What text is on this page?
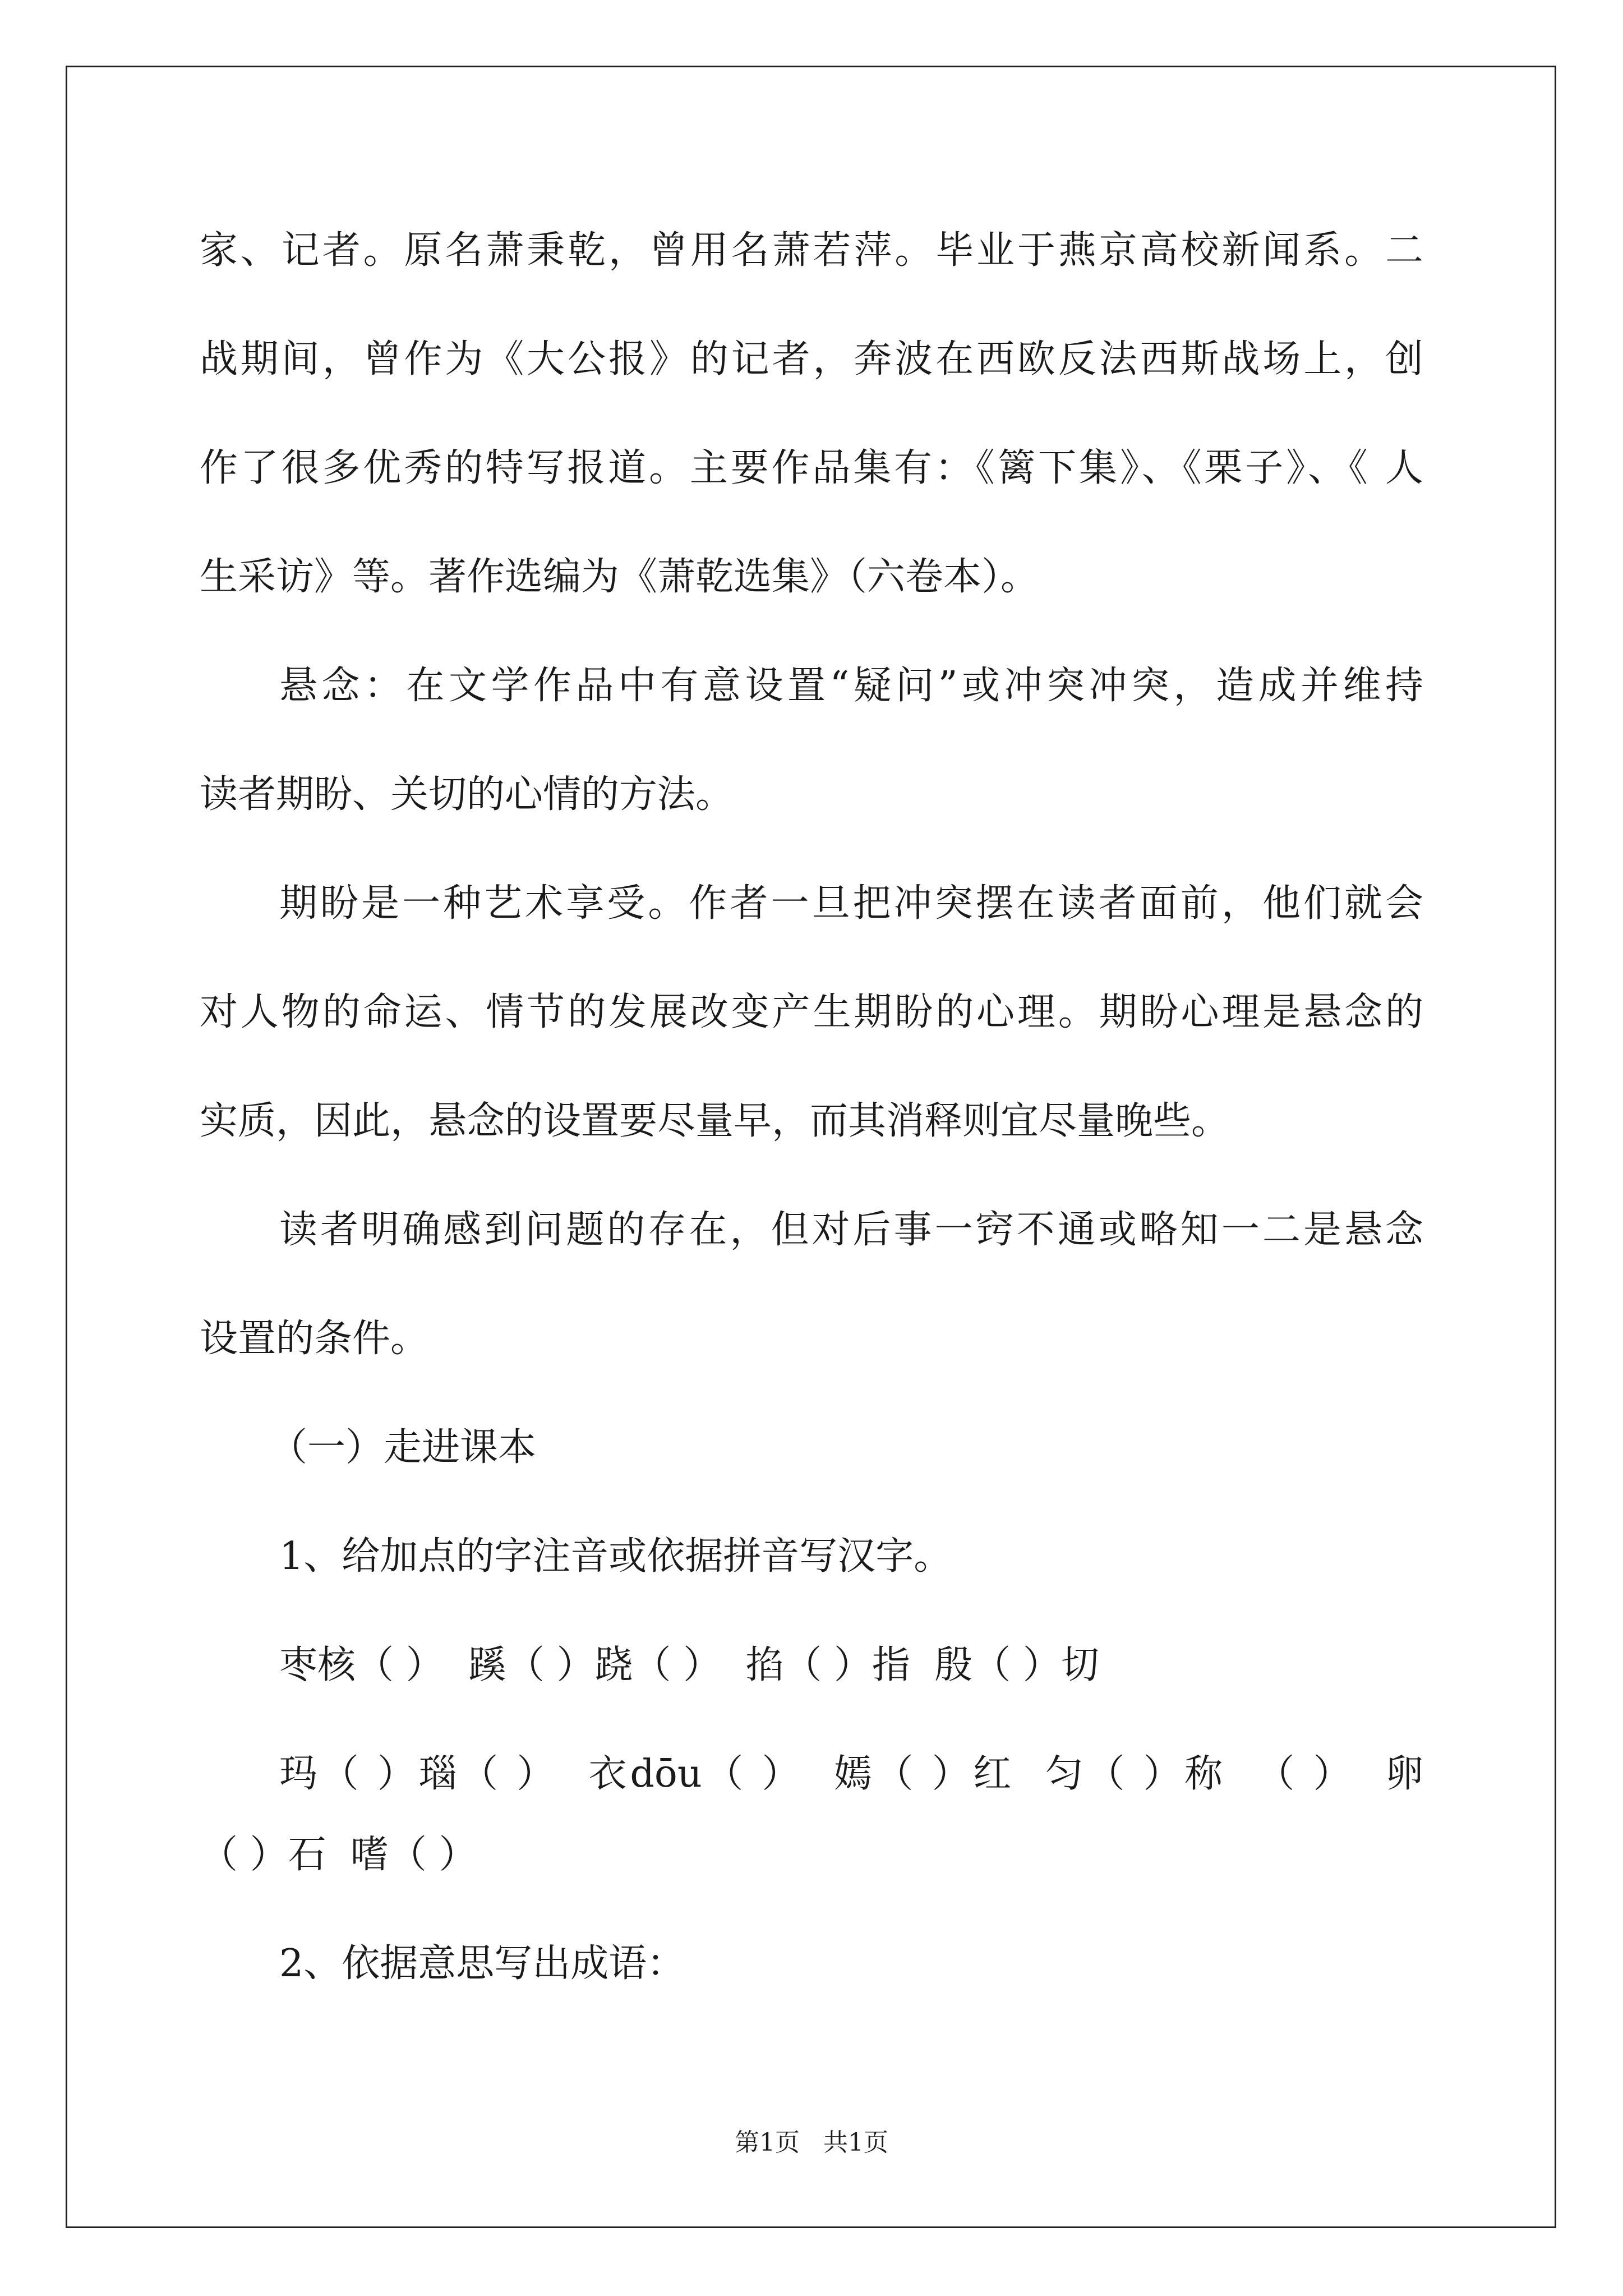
家、记者。原名萧秉乾，曾用名萧若萍。毕业于燕京高校新闻系。二
战期间，曾作为《大公报》的记者，奔波在西欧反法西斯战场上，创
作了很多优秀的特写报道。主要作品集有：《篱下集》、《栗子》、《 人
生采访》等。著作选编为《萧乾选集》（六卷本）。
悬念：在文学作品中有意设置“疑问”或冲突冲突，造成并维持
读者期盼、关切的心情的方法。
期盼是一种艺术享受。作者一旦把冲突摆在读者面前，他们就会
对人物的命运、情节的发展改变产生期盼的心理。期盼心理是悬念的
实质，因此，悬念的设置要尽量早，而其消释则宜尽量晚些。
读者明确感到问题的存在，但对后事一窍不通或略知一二是悬念
设置的条件。
（一）走进课本
1、给加点的字注音或依据拼音写汉字。
枣核（ ）  蹊（ ）跷（ ）  掐（ ）指  殷（ ）切
玛（ ）瑙（ ）  衣dōu（ ）  嫣（ ）红  匀（ ）称  （ ）  卵
（ ）石  嗜（ ）
2、依据意思写出成语：
第1页   共1页
